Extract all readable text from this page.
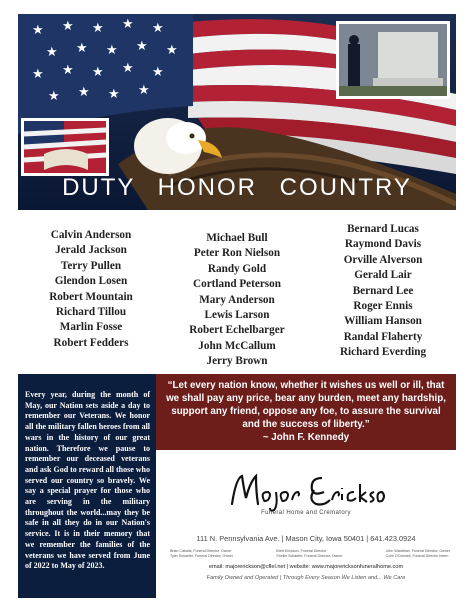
★ ★ ★ ★ ★
★ ★ ★ ★ ★
★ ★ ★ ★ ★
★ ★ ★ ★
DUTY HONOR COUNTRY
Calvin Anderson
Jerald Jackson
Terry Pullen
Glendon Losen
Robert Mountain
Richard Tillou
Marlin Fosse
Robert Fedders
Michael Bull
Peter Ron Nielson
Randy Gold
Cortland Peterson
Mary Anderson
Lewis Larson
Robert Echelbarger
John McCallum
Jerry Brown
Bernard Lucas
Raymond Davis
Orville Alverson
Gerald Lair
Bernard Lee
Roger Ennis
William Hanson
Randal Flaherty
Richard Everding
Every year, during the month of May, our Nation sets aside a day to remember our Veterans. We honor all the military fallen heroes from all wars in the history of our great nation. Therefore we pause to remember our deceased veterans and ask God to reward all those who served our country so bravely. We say a special prayer for those who are serving in the military throughout the world...may they be safe in all they do in our Nation's service. It is in their memory that we remember the families of the veterans we have served from June of 2022 to May of 2023.
“Let every nation know, whether it wishes us well or ill, that we shall pay any price, bear any burden, meet any hardship, support any friend, oppose any foe, to assure the survival and the success of liberty.”
~ John F. Kennedy
Funeral Home and Crematory
111 N. Pennsylvania Ave. | Mason City, Iowa 50401 | 641.423.0924
Brian Cabalis, Funeral Director, Owner
Tyler Schaefer, Funeral Director, Owner
Brett Erickson, Funeral Director
Shellie Schaefer, Funeral Director, Owner
John Waldeisel, Funeral Director, Owner
Colin O'Donnell, Funeral Director Intern
email: majorerickson@cflel.net | website: www.majorericksonfuneralhome.com
Family Owned and Operated | Through Every Season We Listen and... We Care
